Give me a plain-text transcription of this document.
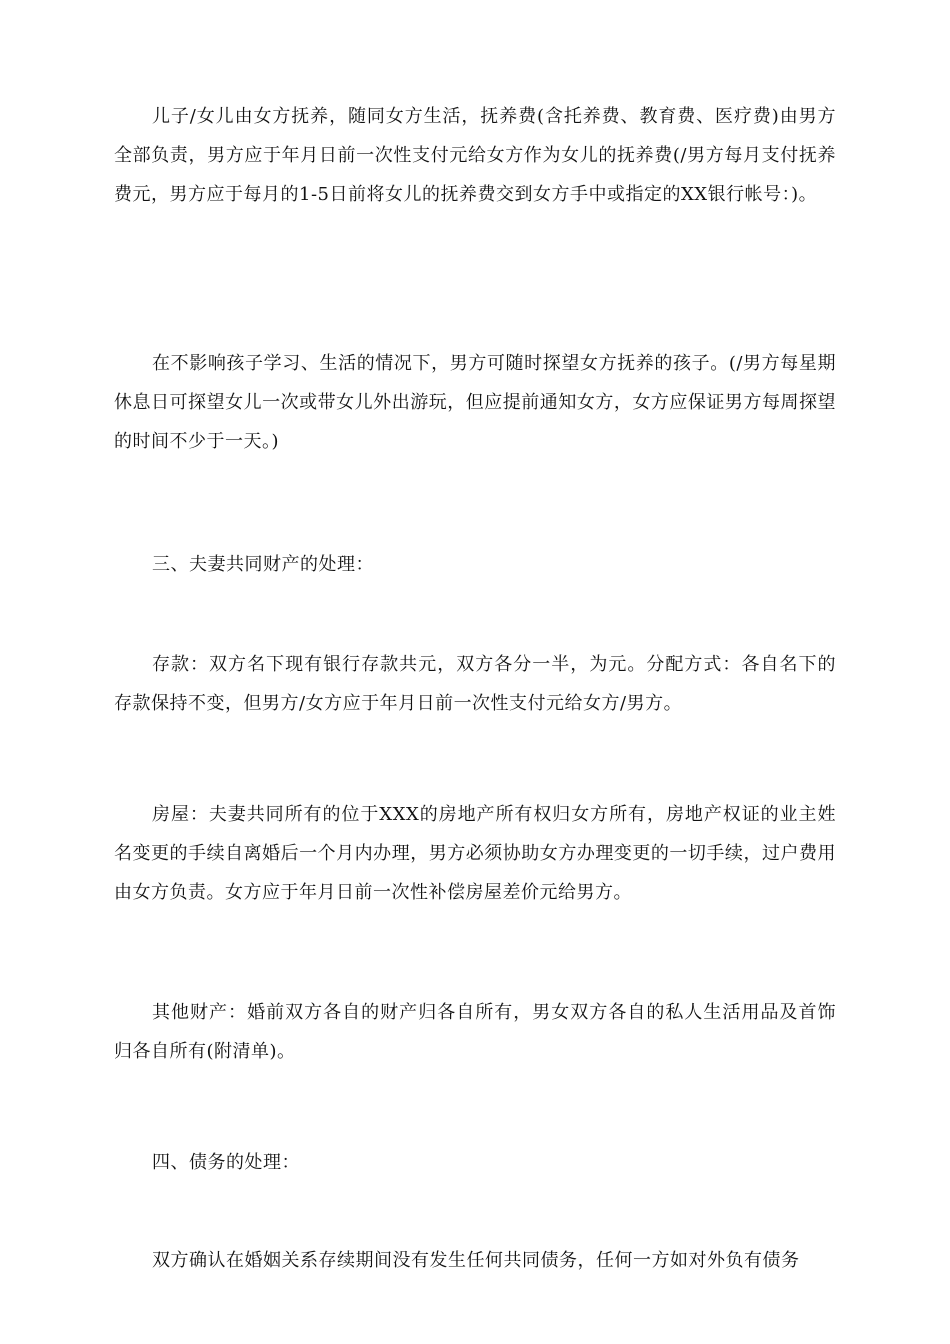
儿子/女儿由女方抚养，随同女方生活，抚养费(含托养费、教育费、医疗费)由男方全部负责，男方应于年月日前一次性支付元给女方作为女儿的抚养费(/男方每月支付抚养费元，男方应于每月的1-5日前将女儿的抚养费交到女方手中或指定的XX银行帐号：)。

在不影响孩子学习、生活的情况下，男方可随时探望女方抚养的孩子。(/男方每星期休息日可探望女儿一次或带女儿外出游玩，但应提前通知女方，女方应保证男方每周探望的时间不少于一天。)

三、夫妻共同财产的处理：

存款：双方名下现有银行存款共元，双方各分一半，为元。分配方式：各自名下的存款保持不变，但男方/女方应于年月日前一次性支付元给女方/男方。

房屋：夫妻共同所有的位于XXX的房地产所有权归女方所有，房地产权证的业主姓名变更的手续自离婚后一个月内办理，男方必须协助女方办理变更的一切手续，过户费用由女方负责。女方应于年月日前一次性补偿房屋差价元给男方。

其他财产：婚前双方各自的财产归各自所有，男女双方各自的私人生活用品及首饰归各自所有(附清单)。

四、债务的处理：

双方确认在婚姻关系存续期间没有发生任何共同债务，任何一方如对外负有债务
